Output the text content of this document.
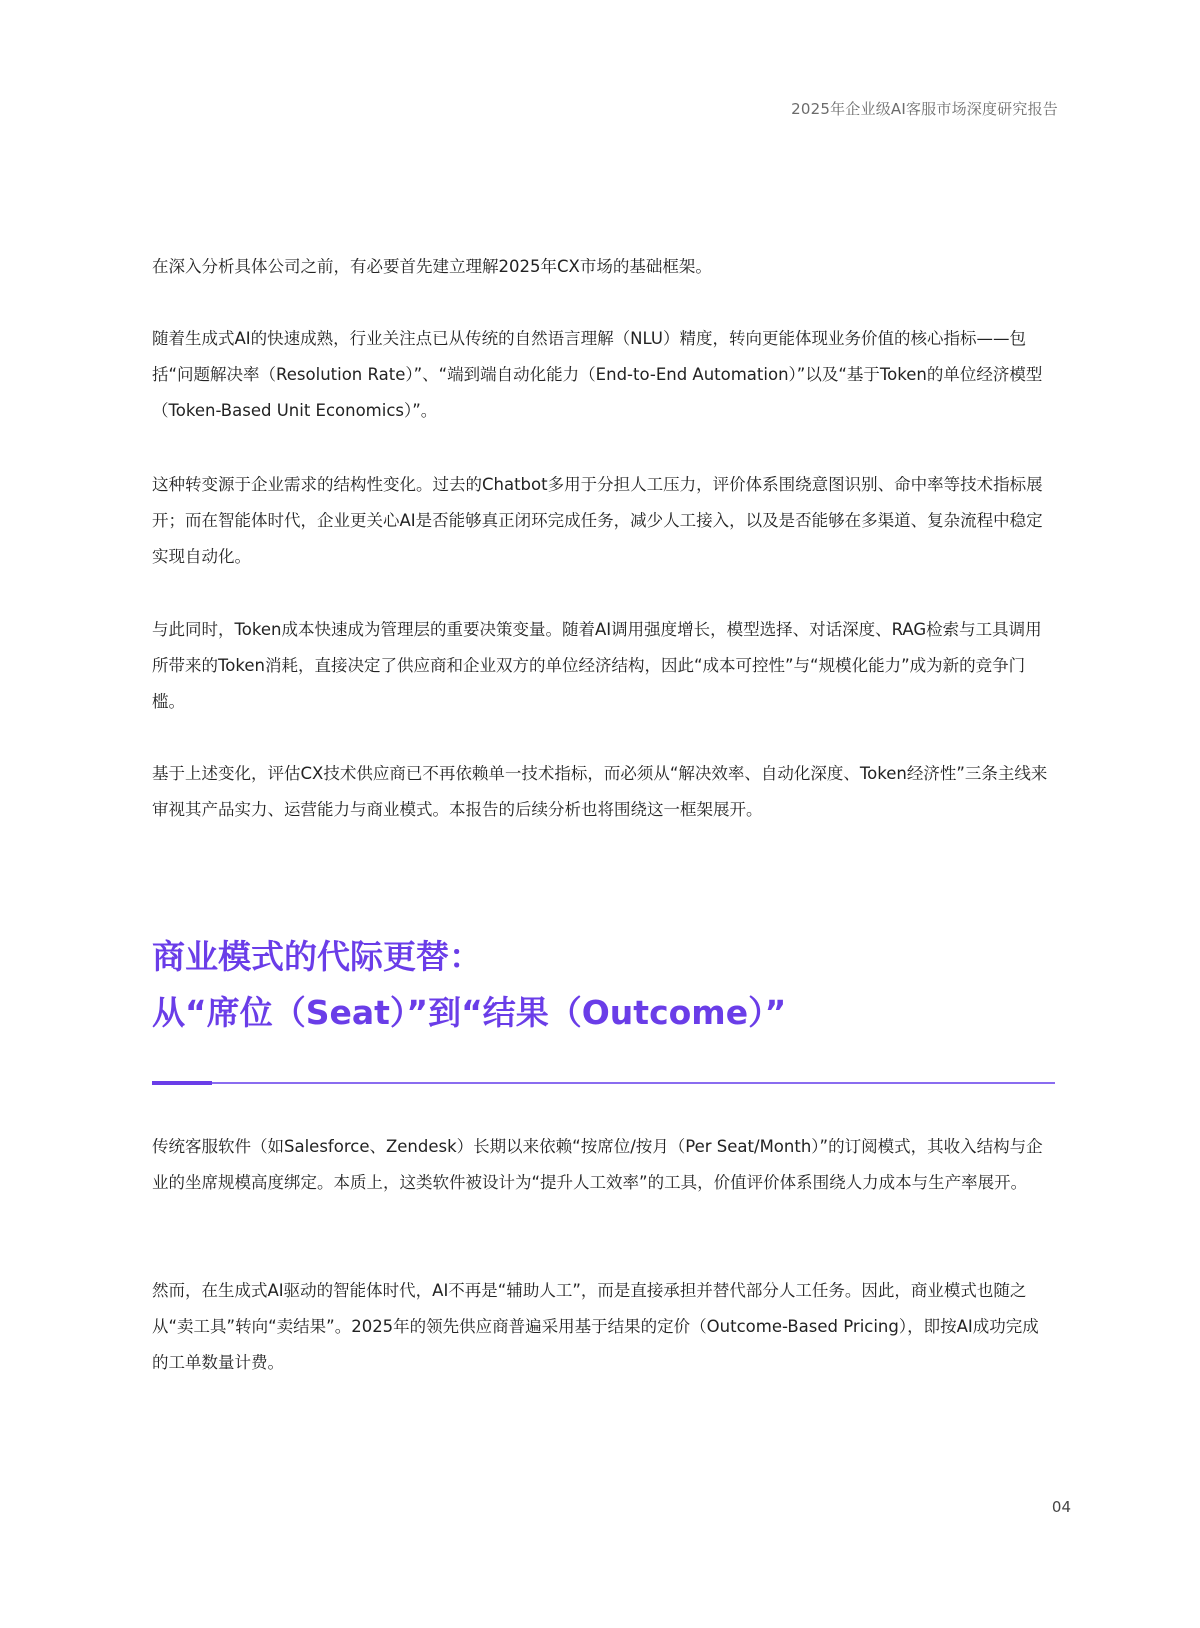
2025年企业级AI客服市场深度研究报告

在深入分析具体公司之前，有必要首先建立理解2025年CX市场的基础框架。

随着生成式AI的快速成熟，行业关注点已从传统的自然语言理解（NLU）精度，转向更能体现业务价值的核心指标——包括“问题解决率（Resolution Rate）”、“端到端自动化能力（End-to-End Automation）”以及“基于Token的单位经济模型（Token-Based Unit Economics）”。

这种转变源于企业需求的结构性变化。过去的Chatbot多用于分担人工压力，评价体系围绕意图识别、命中率等技术指标展开；而在智能体时代，企业更关心AI是否能够真正闭环完成任务，减少人工接入，以及是否能够在多渠道、复杂流程中稳定实现自动化。

与此同时，Token成本快速成为管理层的重要决策变量。随着AI调用强度增长，模型选择、对话深度、RAG检索与工具调用所带来的Token消耗，直接决定了供应商和企业双方的单位经济结构，因此“成本可控性”与“规模化能力”成为新的竞争门槛。

基于上述变化，评估CX技术供应商已不再依赖单一技术指标，而必须从“解决效率、自动化深度、Token经济性”三条主线来审视其产品实力、运营能力与商业模式。本报告的后续分析也将围绕这一框架展开。

商业模式的代际更替：
从“席位（Seat）”到“结果（Outcome）”

传统客服软件（如Salesforce、Zendesk）长期以来依赖“按席位/按月（Per Seat/Month）”的订阅模式，其收入结构与企业的坐席规模高度绑定。本质上，这类软件被设计为“提升人工效率”的工具，价值评价体系围绕人力成本与生产率展开。

然而，在生成式AI驱动的智能体时代，AI不再是“辅助人工”，而是直接承担并替代部分人工任务。因此，商业模式也随之从“卖工具”转向“卖结果”。2025年的领先供应商普遍采用基于结果的定价（Outcome-Based Pricing），即按AI成功完成的工单数量计费。

04
